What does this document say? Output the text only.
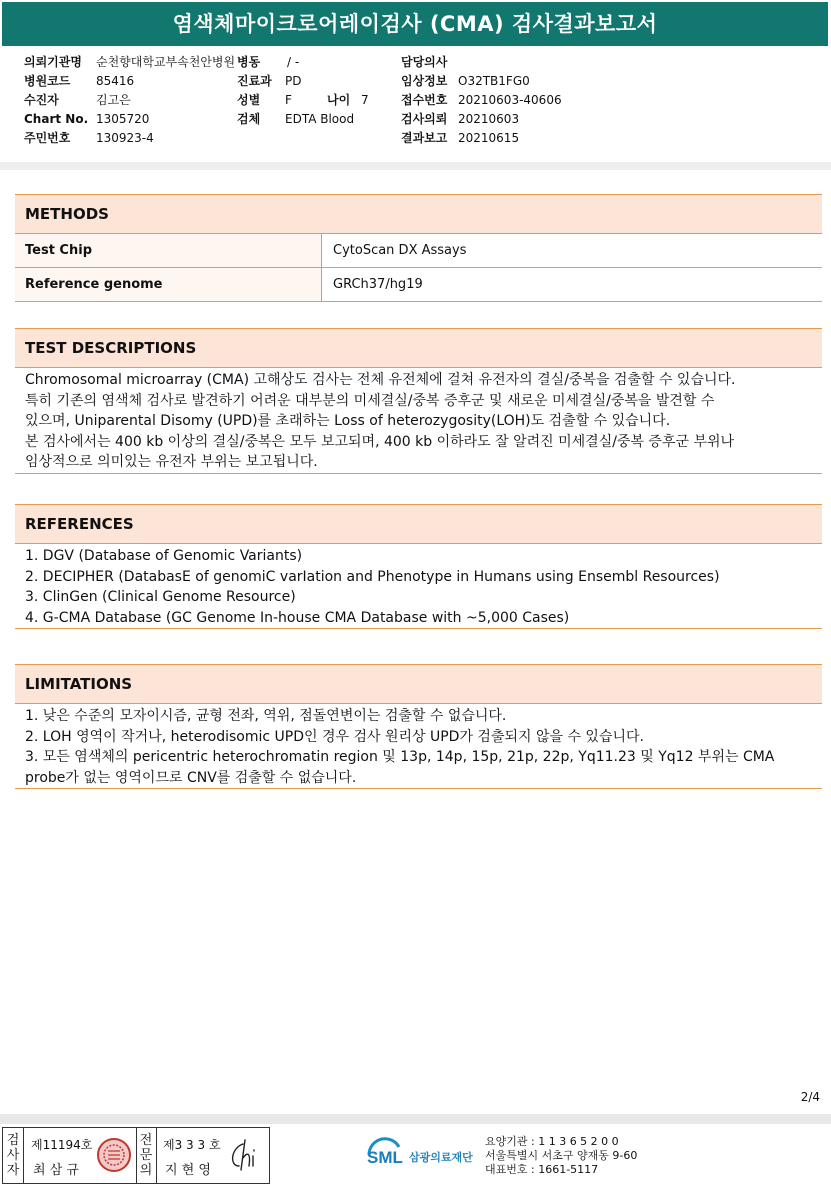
염색체마이크로어레이검사 (CMA) 검사결과보고서
의뢰기관명 순천향대학교부속천안병원
병원코드 85416
수진자	김고은
Chart No. 1305720
주민번호 130923-4
병동 / -
진료과 PD
성별 F	나이 7
검체 EDTA Blood
담당의사
임상정보 O32TB1FG0
접수번호 20210603-40606
검사의뢰 20210603
결과보고 20210615
METHODS
Test Chip	CytoScan DX Assays
Reference genome	GRCh37/hg19
TEST DESCRIPTIONS

Chromosomal microarray (CMA) 고해상도 검사는 전체 유전체에 걸쳐 유전자의 결실/중복을 검출할 수 있습니다.

특히 기존의 염색체 검사로 발견하기 어려운 대부분의 미세결실/중복 증후군 및 새로운 미세결실/중복을 발견할 수

있으며, Uniparental Disomy (UPD)를 초래하는 Loss of heterozygosity(LOH)도 검출할 수 있습니다.

본 검사에서는 400 kb 이상의 결실/중복은 모두 보고되며, 400 kb 이하라도 잘 알려진 미세결실/중복 증후군 부위나

임상적으로 의미있는 유전자 부위는 보고됩니다.

REFERENCES
1. DGV (Database of Genomic Variants)
2. DECIPHER (DatabasE of genomiC varIation and Phenotype in Humans using Ensembl Resources)
3. ClinGen (Clinical Genome Resource)
4. G-CMA Database (GC Genome In-house CMA Database with ~5,000 Cases)
LIMITATIONS
1. 낮은 수준의 모자이시즘, 균형 전좌, 역위, 점돌연변이는 검출할 수 없습니다.
2. LOH 영역이 작거나, heterodisomic UPD인 경우 검사 원리상 UPD가 검출되지 않을 수 있습니다.
3. 모든 염색체의 pericentric heterochromatin region 및 13p, 14p, 15p, 21p, 22p, Yq11.23 및 Yq12 부위는 CMA
probe가 없는 영역이므로 CNV를 검출할 수 없습니다.
2/4
검
사
자
제11194호
최 삼 규
전
문
의
제3 3 3 호
지 현 영
SML 삼광의료재단
요양기관 : 1 1 3 6 5 2 0 0
서울특별시 서초구 양재동 9-60
대표번호 : 1661-5117
